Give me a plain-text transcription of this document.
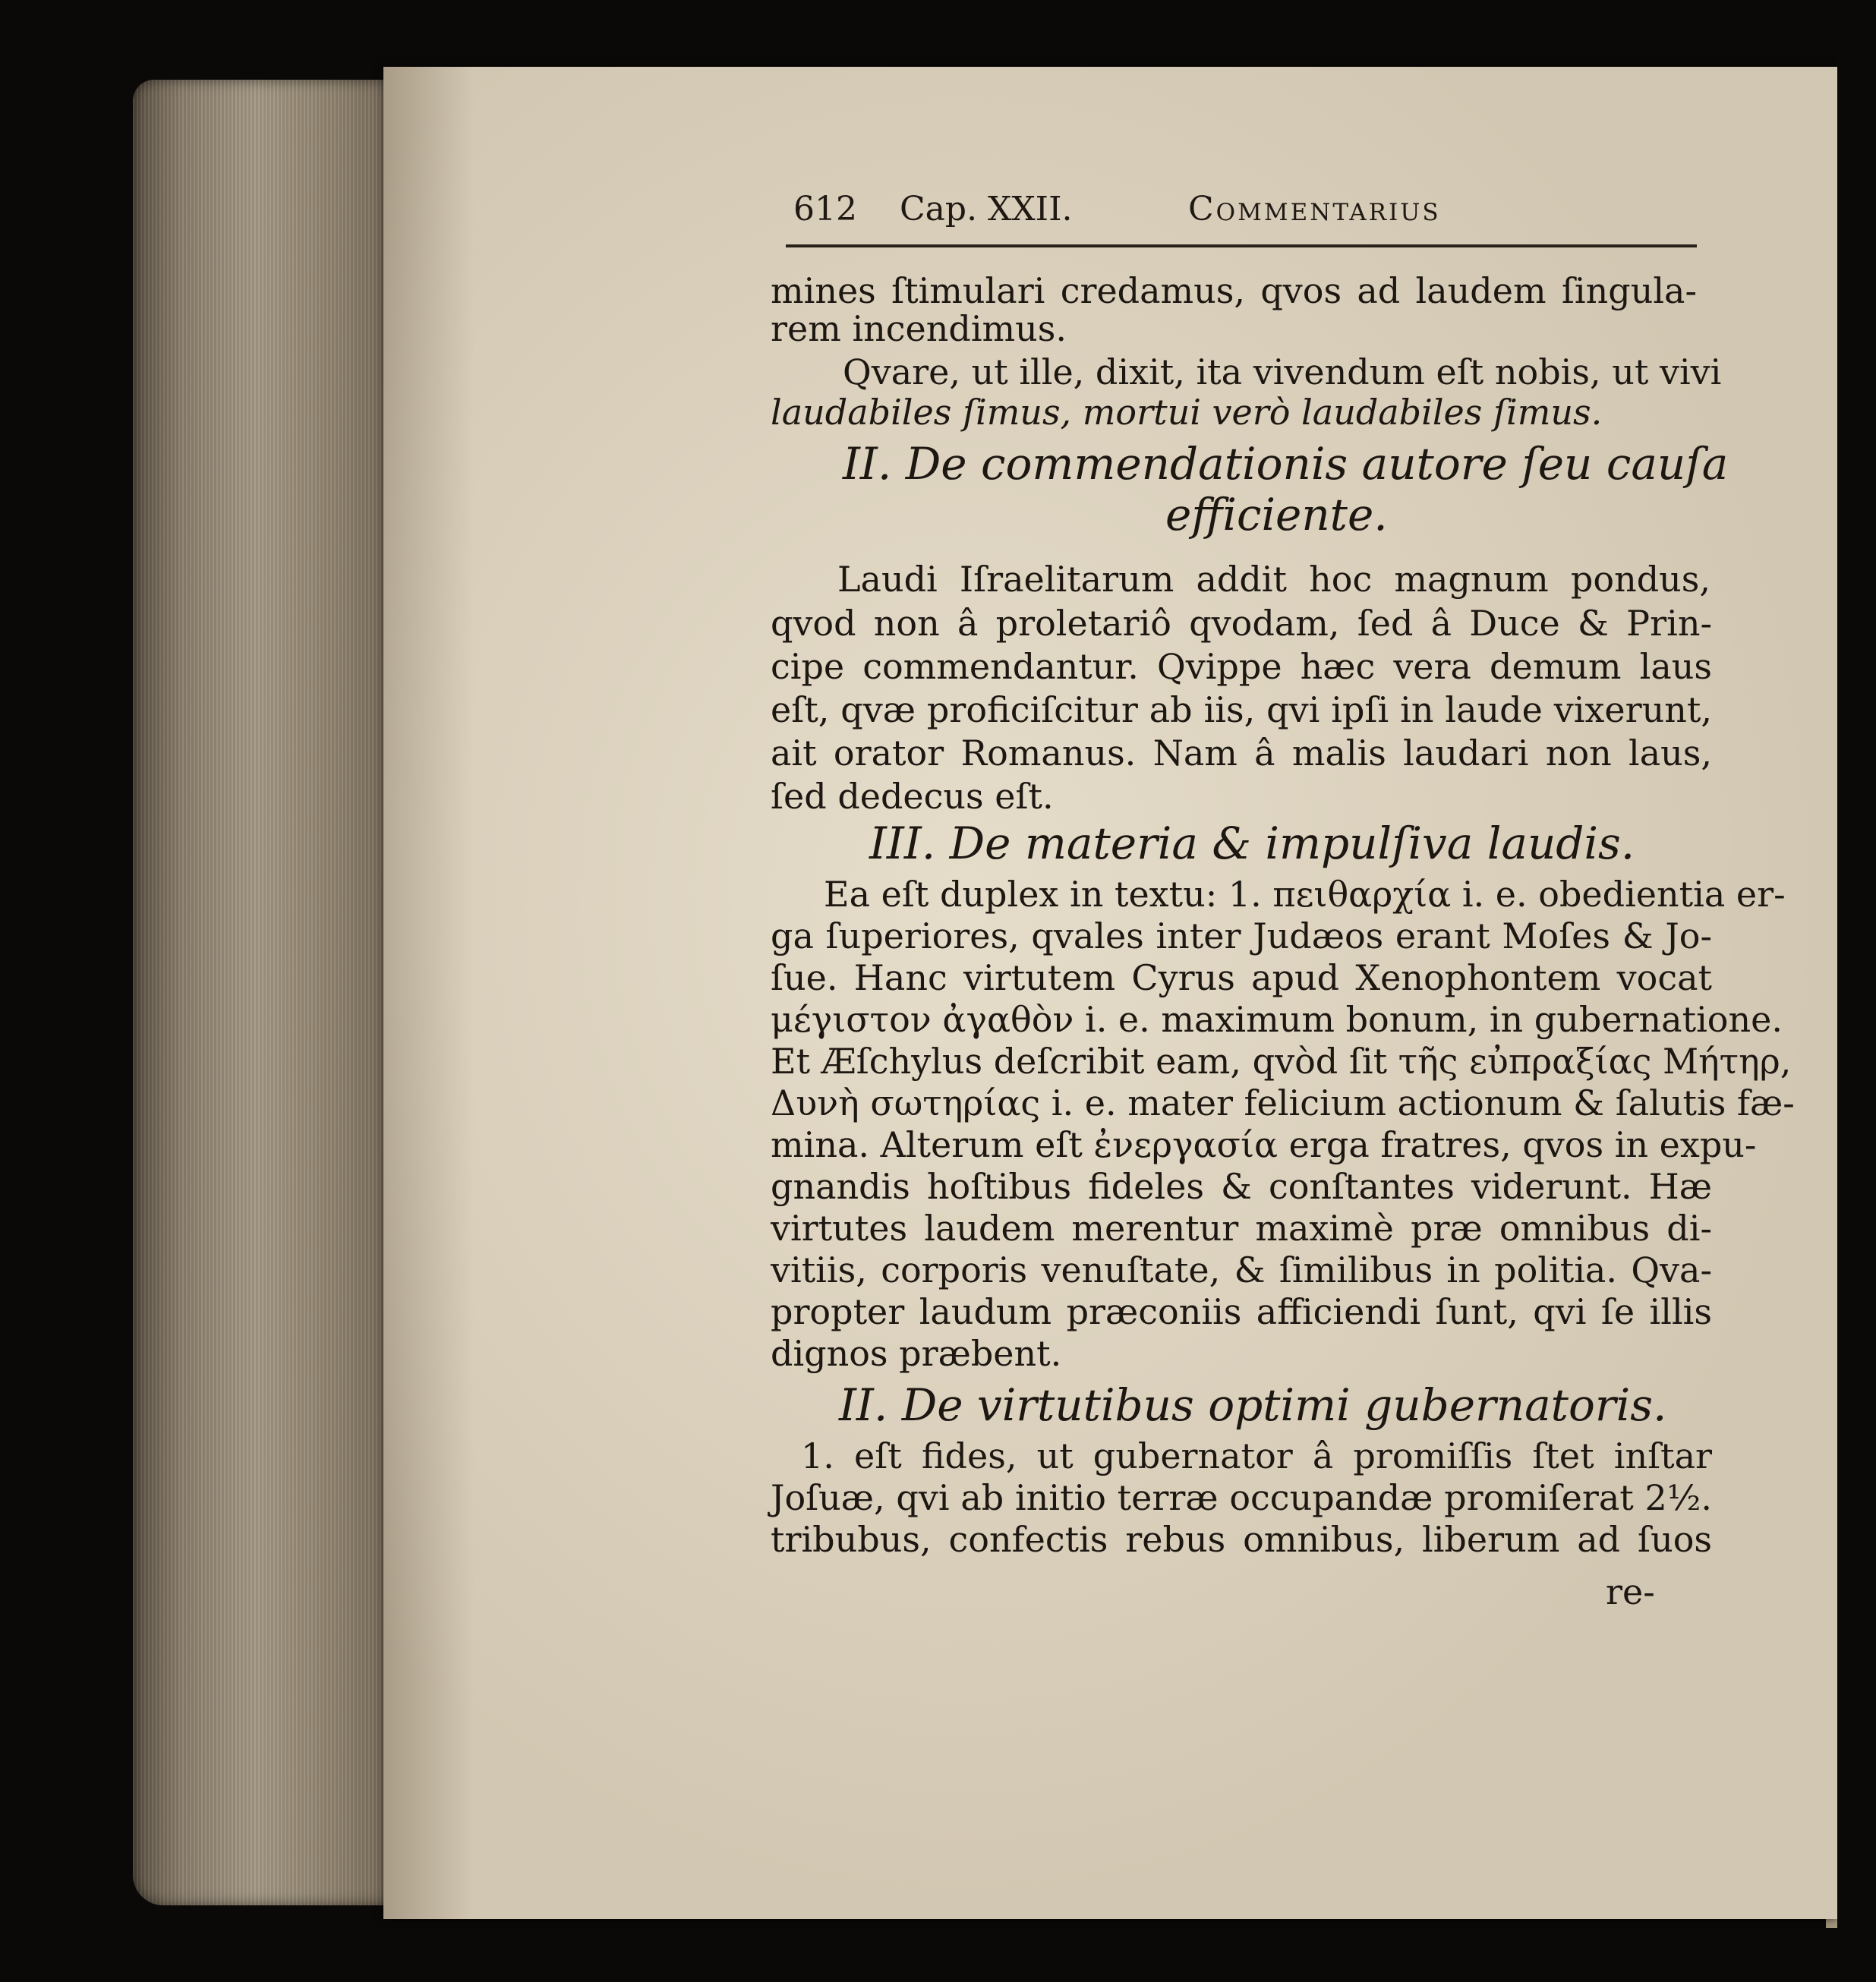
612 Cap. XXII.	Commentarius
mines ſtimulari credamus, qvos ad laudem ſingula-
rem incendimus.
Qvare, ut ille, dixit, ita vivendum eſt nobis, ut vivi
laudabiles ſimus, mortui verò laudabiles ſimus.
II. De commendationis autore ſeu cauſa
efficiente.
Laudi Iſraelitarum addit hoc magnum pondus,
qvod non â proletariô qvodam, ſed â Duce & Prin-
cipe commendantur. Qvippe hæc vera demum laus
eſt, qvæ proficiſcitur ab iis, qvi ipſi in laude vixerunt,
ait orator Romanus. Nam â malis laudari non laus,
ſed dedecus eſt.
III. De materia & impulſiva laudis.
Ea eſt duplex in textu: 1. πειθαρχία i. e. obedientia er-
ga ſuperiores, qvales inter Judæos erant Moſes & Jo-
ſue. Hanc virtutem Cyrus apud Xenophontem vocat
μέγιστον ἀγαθὸν i. e. maximum bonum, in gubernatione.
Et Æſchylus deſcribit eam, qvòd ſit τῆς εὐπραξίας Μήτηρ,
Δυνὴ σωτηρίας i. e. mater felicium actionum & ſalutis fæ-
mina. Alterum eſt ἐνεργασία erga fratres, qvos in expu-
gnandis hoſtibus fideles & conſtantes viderunt. Hæ
virtutes laudem merentur maximè præ omnibus di-
vitiis, corporis venuſtate, & ſimilibus in politia. Qva-
propter laudum præconiis afficiendi ſunt, qvi ſe illis
dignos præbent.
II. De virtutibus optimi gubernatoris.
1. eſt fides, ut gubernator â promiſſis ſtet inſtar
Joſuæ, qvi ab initio terræ occupandæ promiſerat 2½.
tribubus, confectis rebus omnibus, liberum ad ſuos
re-
